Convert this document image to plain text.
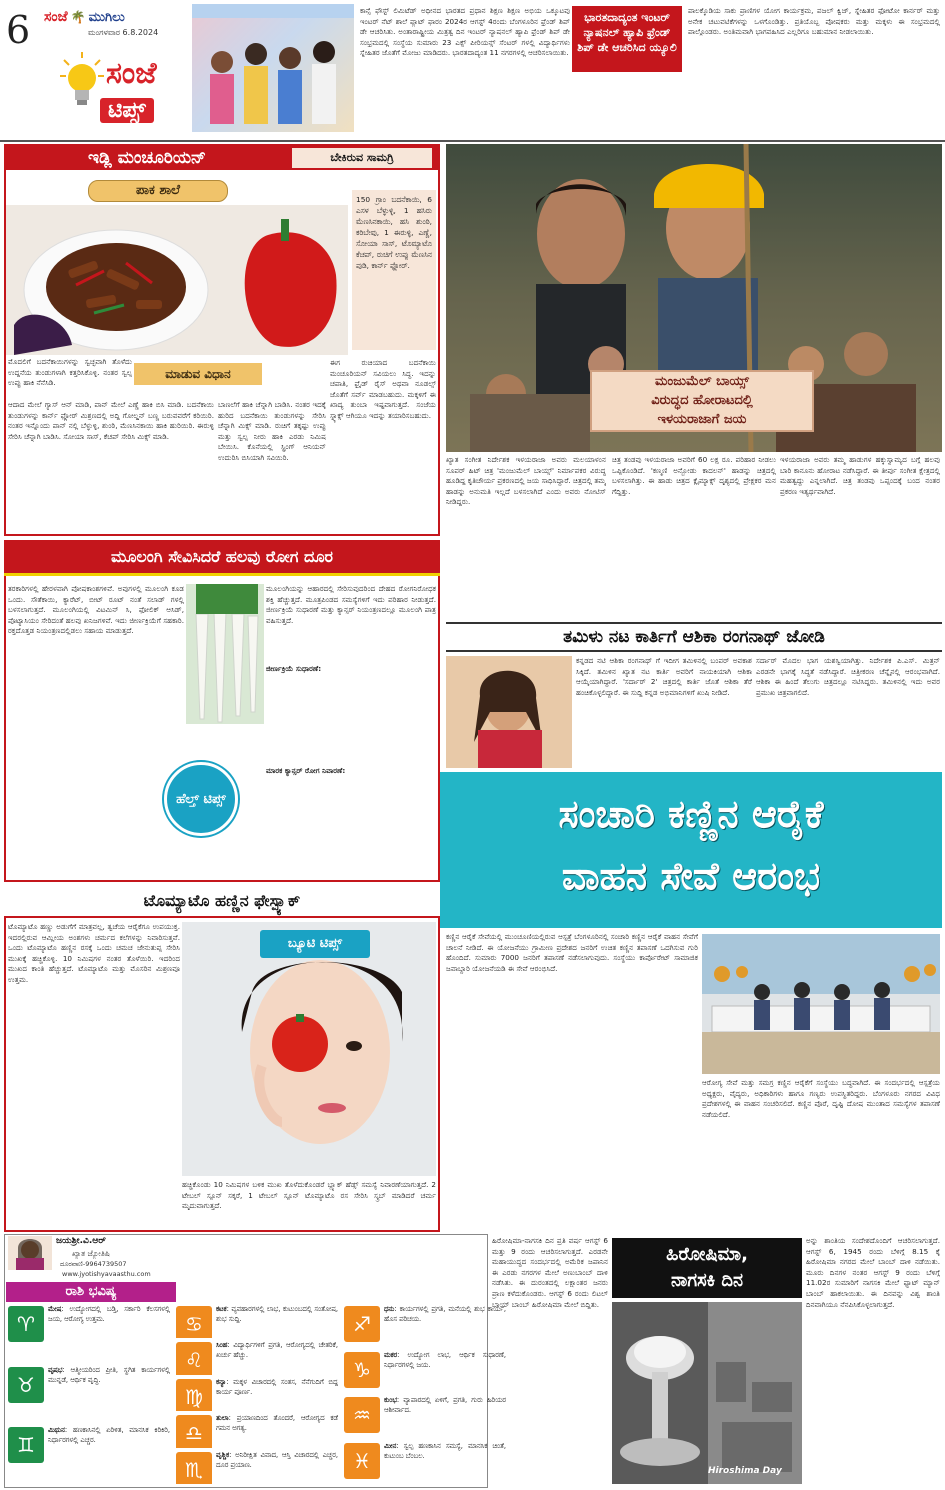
6 ಸಂಜೆ 🌴 ಮುಗಿಲು
ಮಂಗಳವಾರ 6.8.2024
ಸಂಜೆ
ಟಿಪ್ಸ್
ಕಾನ್ಸೆ ಫೌಸ್ಟ್ ಲಿಮಿಟೆಡ್ ಅಧೀನದ ಭಾರತದ ಪ್ರಧಾನ ಶಿಕ್ಷಣ ಶಿಕ್ಷಣ ಅಭಿಯ ಒಕ್ಕೂಟವು ಇಂಟರ್ ನೆಟ್ ಶಾಲೆ ಪ್ಲಾಟ್ ಫಾರಂ 2024ರ ಆಗಸ್ಟ್ 4ರಂದು ಬೆಂಗಳೂರಿನ ಫ್ರೆಂಡ್ ಶಿಪ್ ಡೇ ಆಚರಿಸಿತು. ಅಂತಾರಾಷ್ಟ್ರೀಯ ಮಿತ್ರತ್ವ ದಿನ ಇಂಟರ್ ನ್ಯಾಷನಲ್ ಹ್ಯಾಪಿ ಫ್ರೆಂಡ್ ಶಿಪ್ ಡೇ ಸಂಭ್ರಮದಲ್ಲಿ ಸಂಸ್ಥೆಯ ಸುಮಾರು 23 ಎಕ್ಸ್ ಪೀರಿಯನ್ಸ್ ಸೆಂಟರ್ ಗಳಲ್ಲಿ ವಿದ್ಯಾರ್ಥಿಗಳು ಸ್ನೇಹಿತರ ಜೊತೆಗೆ ಮೋಜು ಮಾಡಿದರು. ಭಾರತದಾದ್ಯಂತ 11 ನಗರಗಳಲ್ಲಿ ಆಚರಿಸಲಾಯಿತು.
ಭಾರತದಾದ್ಯಂತ ಇಂಟರ್ ನ್ಯಾಷನಲ್ ಹ್ಯಾಪಿ ಫ್ರೆಂಡ್ ಶಿಪ್ ಡೇ ಆಚರಿಸಿದ ಯ್ಯೂಲಿ
ಪಾಲಕ್ಕೊಡಿಯ ಸಾಕು ಪ್ರಾಣಿಗಳ ಯೋಗ ಕಾರ್ಯಕ್ರಮ, ಪಜಲ್ ಕ್ವಿಜ್, ಸ್ನೇಹಿತರ ಫೋಟೋ ಕಾರ್ನರ್ ಮತ್ತು ಅನೇಕ ಚಟುವಟಿಕೆಗಳನ್ನು ಒಳಗೊಂಡಿತ್ತು. ಪ್ರತಿಯೊಬ್ಬ ಪೋಷಕರು ಮತ್ತು ಮಕ್ಕಳು ಈ ಸಂಭ್ರಮದಲ್ಲಿ ಪಾಲ್ಗೊಂಡರು. ಅಂತಿಮವಾಗಿ ಭಾಗವಹಿಸಿದ ಎಲ್ಲರಿಗೂ ಬಹುಮಾನ ನೀಡಲಾಯಿತು.
ಇಡ್ಲಿ ಮಂಚೂರಿಯನ್	ಬೇಕಿರುವ ಸಾಮಗ್ರಿ
ಪಾಕ ಶಾಲೆ
150 ಗ್ರಾಂ ಬದನೆಕಾಯಿ, 6 ಎಸಳ ಬೆಳ್ಳುಳ್ಳಿ, 1 ಹಸಿರು ಮೆಣಸಿನಕಾಯಿ, ಹಸಿ ಶುಂಠಿ, ಕರಿಬೇವು, 1 ಈರುಳ್ಳಿ, ಎಣ್ಣೆ, ಸೋಯಾ ಸಾಸ್, ಟೊಮ್ಯಾಟೊ ಕೆಚಪ್, ರುಚಿಗೆ ಉಪ್ಪು ಮೆಣಸಿನ ಪುಡಿ, ಕಾರ್ನ್ ಫ್ಲೋರ್.
ಮಾಡುವ ವಿಧಾನ
ಮೊದಲಿಗೆ ಬದನೆಕಾಯಿಗಳನ್ನು ಸ್ವಚ್ಛವಾಗಿ ತೊಳೆದು ಉದ್ದನೆಯ ತುಂಡುಗಳಾಗಿ ಕತ್ತರಿಸಿಕೊಳ್ಳಿ. ನಂತರ ಸ್ವಲ್ಪ ಉಪ್ಪು ಹಾಕಿ ನೆನೆಸಿಡಿ.
ಆದಾದ ಮೇಲೆ ಗ್ಯಾಸ್ ಆನ್ ಮಾಡಿ, ಪಾನ್ ಮೇಲೆ ಎಣ್ಣೆ ಹಾಕಿ ಬಿಸಿ ಮಾಡಿ. ಬದನೆಕಾಯಿ ತುಂಡುಗಳನ್ನು ಕಾರ್ನ್ ಫ್ಲೋರ್ ಮಿಶ್ರಣದಲ್ಲಿ ಅದ್ದಿ ಗೋಲ್ಡನ್ ಬಣ್ಣ ಬರುವವರೆಗೆ ಕರಿಯಿರಿ. ನಂತರ ಇನ್ನೊಂದು ಪಾನ್ ನಲ್ಲಿ ಬೆಳ್ಳುಳ್ಳಿ, ಶುಂಠಿ, ಮೆಣಸಿನಕಾಯಿ ಹಾಕಿ ಹುರಿಯಿರಿ. ಈರುಳ್ಳಿ ಸೇರಿಸಿ ಚೆನ್ನಾಗಿ ಬಾಡಿಸಿ. ಸೋಯಾ ಸಾಸ್, ಕೆಚಪ್ ಸೇರಿಸಿ ಮಿಕ್ಸ್ ಮಾಡಿ.
ಬಾಣಲೆಗೆ ಹಾಕಿ ಚೆನ್ನಾಗಿ ಬಾಡಿಸಿ. ನಂತರ ಇದಕ್ಕೆ ಹುರಿದ ಬದನೆಕಾಯಿ ತುಂಡುಗಳನ್ನು ಸೇರಿಸಿ ಚೆನ್ನಾಗಿ ಮಿಕ್ಸ್ ಮಾಡಿ. ರುಚಿಗೆ ತಕ್ಕಷ್ಟು ಉಪ್ಪು ಮತ್ತು ಸ್ವಲ್ಪ ನೀರು ಹಾಕಿ ಎರಡು ನಿಮಿಷ ಬೇಯಿಸಿ. ಕೊನೆಯಲ್ಲಿ ಸ್ಪ್ರಿಂಗ್ ಆನಿಯನ್ ಉದುರಿಸಿ ಬಿಸಿಯಾಗಿ ಸವಿಯಿರಿ.
ಈಗ ರುಚಿಯಾದ ಬದನೆಕಾಯಿ ಮಂಚೂರಿಯನ್ ಸವಿಯಲು ಸಿದ್ಧ. ಇದನ್ನು ಚಪಾತಿ, ಫ್ರೈಡ್ ರೈಸ್ ಅಥವಾ ನೂಡಲ್ಸ್ ಜೊತೆಗೆ ಸರ್ವ್ ಮಾಡಬಹುದು. ಮಕ್ಕಳಿಗೆ ಈ ಖಾದ್ಯ ತುಂಬಾ ಇಷ್ಟವಾಗುತ್ತದೆ. ಸಂಜೆಯ ಸ್ನ್ಯಾಕ್ಸ್ ಆಗಿಯೂ ಇದನ್ನು ತಯಾರಿಸಬಹುದು.
ಮಂಜುಮೆಲ್ ಬಾಯ್ಸ್
ವಿರುದ್ಧದ ಹೋರಾಟದಲ್ಲಿ
ಇಳಯರಾಜಾಗೆ ಜಯ
ಖ್ಯಾತ ಸಂಗೀತ ನಿರ್ದೇಶಕ ಇಳಯರಾಜಾ ಅವರು ಮಲಯಾಳಂನ ಸೂಪರ್ ಹಿಟ್ ಚಿತ್ರ 'ಮಂಜುಮೆಲ್ ಬಾಯ್ಸ್' ನಿರ್ಮಾಪಕರ ವಿರುದ್ಧ ಹೂಡಿದ್ದ ಕೃತಿಚೌರ್ಯ ಪ್ರಕರಣದಲ್ಲಿ ಜಯ ಸಾಧಿಸಿದ್ದಾರೆ. ಚಿತ್ರದಲ್ಲಿ ತಮ್ಮ ಹಾಡನ್ನು ಅನುಮತಿ ಇಲ್ಲದೆ ಬಳಸಲಾಗಿದೆ ಎಂದು ಅವರು ನೋಟಿಸ್ ನೀಡಿದ್ದರು.
ಚಿತ್ರ ತಂಡವು ಇಳಯರಾಜಾ ಅವರಿಗೆ 60 ಲಕ್ಷ ರೂ. ಪರಿಹಾರ ನೀಡಲು ಒಪ್ಪಿಕೊಂಡಿದೆ. 'ಕಣ್ಮಣಿ ಅನ್ಬೋಡು ಕಾದಲನ್' ಹಾಡನ್ನು ಚಿತ್ರದಲ್ಲಿ ಬಳಸಲಾಗಿತ್ತು. ಈ ಹಾಡು ಚಿತ್ರದ ಕ್ಲೈಮ್ಯಾಕ್ಸ್ ದೃಶ್ಯದಲ್ಲಿ ಪ್ರೇಕ್ಷಕರ ಮನ ಗೆದ್ದಿತ್ತು.
ಇಳಯರಾಜಾ ಅವರು ತಮ್ಮ ಹಾಡುಗಳ ಹಕ್ಕುಸ್ವಾಮ್ಯದ ಬಗ್ಗೆ ಹಲವು ಬಾರಿ ಕಾನೂನು ಹೋರಾಟ ನಡೆಸಿದ್ದಾರೆ. ಈ ತೀರ್ಪು ಸಂಗೀತ ಕ್ಷೇತ್ರದಲ್ಲಿ ಮಹತ್ವದ್ದು ಎನ್ನಲಾಗಿದೆ. ಚಿತ್ರ ತಂಡವು ಒಪ್ಪಂದಕ್ಕೆ ಬಂದ ನಂತರ ಪ್ರಕರಣ ಇತ್ಯರ್ಥವಾಗಿದೆ.
ಮೂಲಂಗಿ ಸೇವಿಸಿದರೆ ಹಲವು ರೋಗ ದೂರ
ತರಕಾರಿಗಳಲ್ಲಿ ಹೇರಳವಾಗಿ ಪೋಷಕಾಂಶಗಳಿವೆ. ಅವುಗಳಲ್ಲಿ ಮೂಲಂಗಿ ಕೂಡ ಒಂದು. ಸೌತೆಕಾಯಿ, ಕ್ಯಾರೆಟ್, ಬೀಟ್ ರೂಟ್ ನಂತೆ ಸಲಾಡ್ ಗಳಲ್ಲಿ ಬಳಸಲಾಗುತ್ತದೆ. ಮೂಲಂಗಿಯಲ್ಲಿ ವಿಟಮಿನ್ ಸಿ, ಫೋಲಿಕ್ ಆಸಿಡ್, ಪೊಟ್ಯಾಸಿಯಂ ಸೇರಿದಂತೆ ಹಲವು ಖನಿಜಗಳಿವೆ. ಇದು ಜೀರ್ಣಕ್ರಿಯೆಗೆ ಸಹಕಾರಿ. ರಕ್ತದೊತ್ತಡ ನಿಯಂತ್ರಣದಲ್ಲಿಡಲು ಸಹಾಯ ಮಾಡುತ್ತದೆ.
ಮೂಲಂಗಿಯನ್ನು ಆಹಾರದಲ್ಲಿ ಸೇರಿಸುವುದರಿಂದ ದೇಹದ ರೋಗನಿರೋಧಕ ಶಕ್ತಿ ಹೆಚ್ಚುತ್ತದೆ. ಮೂತ್ರಪಿಂಡದ ಸಮಸ್ಯೆಗಳಿಗೆ ಇದು ಪರಿಹಾರ ನೀಡುತ್ತದೆ. ಜೀರ್ಣಕ್ರಿಯೆ ಸುಧಾರಣೆ ಮತ್ತು ಕ್ಯಾನ್ಸರ್ ನಿಯಂತ್ರಣದಲ್ಲೂ ಮೂಲಂಗಿ ಪಾತ್ರ ವಹಿಸುತ್ತದೆ.
ಜೀರ್ಣಕ್ರಿಯೆ ಸುಧಾರಣೆ:
ಮಾರಕ ಕ್ಯಾನ್ಸರ್ ರೋಗ ನಿವಾರಣೆ:
ಹೆಲ್ತ್ ಟಿಪ್ಸ್
ತಮಿಳು ನಟ ಕಾರ್ತಿಗೆ ಆಶಿಕಾ ರಂಗನಾಥ್ ಜೋಡಿ
ಕನ್ನಡದ ನಟಿ ಆಶಿಕಾ ರಂಗನಾಥ್ ಗೆ ಇದೀಗ ತಮಿಳಿನಲ್ಲಿ ಬಂಪರ್ ಅವಕಾಶ ಸಿಕ್ಕಿದೆ. ತಮಿಳಿನ ಖ್ಯಾತ ನಟ ಕಾರ್ತಿ ಅವರಿಗೆ ನಾಯಕಿಯಾಗಿ ಆಶಿಕಾ ಆಯ್ಕೆಯಾಗಿದ್ದಾರೆ. 'ಸರ್ದಾರ್ 2' ಚಿತ್ರದಲ್ಲಿ ಕಾರ್ತಿ ಜೊತೆ ಆಶಿಕಾ ತೆರೆ ಹಂಚಿಕೊಳ್ಳಲಿದ್ದಾರೆ. ಈ ಸುದ್ದಿ ಕನ್ನಡ ಅಭಿಮಾನಿಗಳಿಗೆ ಖುಷಿ ನೀಡಿದೆ.
ಸರ್ದಾರ್ ಮೊದಲ ಭಾಗ ಯಶಸ್ವಿಯಾಗಿತ್ತು. ನಿರ್ದೇಶಕ ಪಿ.ಎಸ್. ಮಿತ್ರನ್ ಎರಡನೇ ಭಾಗಕ್ಕೆ ಸಿದ್ಧತೆ ನಡೆಸಿದ್ದಾರೆ. ಚಿತ್ರೀಕರಣ ಚೆನ್ನೈನಲ್ಲಿ ಆರಂಭವಾಗಿದೆ. ಆಶಿಕಾ ಈ ಹಿಂದೆ ತೆಲುಗು ಚಿತ್ರದಲ್ಲೂ ನಟಿಸಿದ್ದರು. ತಮಿಳಿನಲ್ಲಿ ಇದು ಅವರ ಪ್ರಮುಖ ಚಿತ್ರವಾಗಲಿದೆ.
ಸಂಚಾರಿ ಕಣ್ಣಿನ ಆರೈಕೆ
ವಾಹನ ಸೇವೆ ಆರಂಭ
ಕಣ್ಣಿನ ಆರೈಕೆ ಸೇವೆಯಲ್ಲಿ ಮುಂಚೂಣಿಯಲ್ಲಿರುವ ಆಸ್ಪತ್ರೆ ಬೆಂಗಳೂರಿನಲ್ಲಿ ಸಂಚಾರಿ ಕಣ್ಣಿನ ಆರೈಕೆ ವಾಹನ ಸೇವೆಗೆ ಚಾಲನೆ ನೀಡಿದೆ. ಈ ಯೋಜನೆಯು ಗ್ರಾಮೀಣ ಪ್ರದೇಶದ ಜನರಿಗೆ ಉಚಿತ ಕಣ್ಣಿನ ತಪಾಸಣೆ ಒದಗಿಸುವ ಗುರಿ ಹೊಂದಿದೆ. ಸುಮಾರು 7000 ಜನರಿಗೆ ತಪಾಸಣೆ ನಡೆಸಲಾಗುವುದು. ಸಂಸ್ಥೆಯು ಕಾರ್ಪೊರೇಟ್ ಸಾಮಾಜಿಕ ಜವಾಬ್ದಾರಿ ಯೋಜನೆಯಡಿ ಈ ಸೇವೆ ಆರಂಭಿಸಿದೆ.
ಆರೋಗ್ಯ ಸೇವೆ ಮತ್ತು ಸಮಗ್ರ ಕಣ್ಣಿನ ಆರೈಕೆಗೆ ಸಂಸ್ಥೆಯು ಬದ್ಧವಾಗಿದೆ. ಈ ಸಂದರ್ಭದಲ್ಲಿ ಆಸ್ಪತ್ರೆಯ ಅಧ್ಯಕ್ಷರು, ವೈದ್ಯರು, ಅಧಿಕಾರಿಗಳು ಹಾಗೂ ಗಣ್ಯರು ಉಪಸ್ಥಿತರಿದ್ದರು. ಬೆಂಗಳೂರು ನಗರದ ವಿವಿಧ ಪ್ರದೇಶಗಳಲ್ಲಿ ಈ ವಾಹನ ಸಂಚರಿಸಲಿದೆ. ಕಣ್ಣಿನ ಪೊರೆ, ದೃಷ್ಟಿ ದೋಷ ಮುಂತಾದ ಸಮಸ್ಯೆಗಳ ತಪಾಸಣೆ ನಡೆಯಲಿದೆ.
ಟೊಮ್ಯಾಟೊ ಹಣ್ಣಿನ ಫೇಸ್ಪ್ಯಾಕ್
ಟೊಮ್ಯಾಟೊ ಹಣ್ಣು ಅಡುಗೆಗೆ ಮಾತ್ರವಲ್ಲ, ತ್ವಚೆಯ ಆರೈಕೆಗೂ ಉಪಯುಕ್ತ. ಇದರಲ್ಲಿರುವ ಆಮ್ಲೀಯ ಅಂಶಗಳು ಚರ್ಮದ ಕಲೆಗಳನ್ನು ನಿವಾರಿಸುತ್ತವೆ. ಒಂದು ಟೊಮ್ಯಾಟೊ ಹಣ್ಣಿನ ರಸಕ್ಕೆ ಒಂದು ಚಮಚ ಜೇನುತುಪ್ಪ ಸೇರಿಸಿ ಮುಖಕ್ಕೆ ಹಚ್ಚಿಕೊಳ್ಳಿ. 10 ನಿಮಿಷಗಳ ನಂತರ ತೊಳೆಯಿರಿ. ಇದರಿಂದ ಮುಖದ ಕಾಂತಿ ಹೆಚ್ಚುತ್ತದೆ. ಟೊಮ್ಯಾಟೊ ಮತ್ತು ಮೊಸರಿನ ಮಿಶ್ರಣವೂ ಉತ್ತಮ.
ಬ್ಯೂಟಿ ಟಿಪ್ಸ್
ಹಚ್ಚಿಕೊಂಡು 10 ನಿಮಿಷಗಳ ಬಳಿಕ ಮುಖ ತೊಳೆದುಕೊಂಡರೆ ಬ್ಲ್ಯಾಕ್ ಹೆಡ್ಸ್ ಸಮಸ್ಯೆ ನಿವಾರಣೆಯಾಗುತ್ತದೆ. 2 ಟೇಬಲ್ ಸ್ಪೂನ್ ಸಕ್ಕರೆ, 1 ಟೇಬಲ್ ಸ್ಪೂನ್ ಟೊಮ್ಯಾಟೊ ರಸ ಸೇರಿಸಿ ಸ್ಕ್ರಬ್ ಮಾಡಿದರೆ ಚರ್ಮ ಮೃದುವಾಗುತ್ತದೆ.
ಜಯಶ್ರೀ.ವಿ.ಆರ್
ಖ್ಯಾತ ಜ್ಯೋತಿಷಿ
ದೂರವಾಣಿ-9964739507
www.jyotishyavaasthu.com
ರಾಶಿ ಭವಿಷ್ಯ
♈
ಮೇಷ: ಉದ್ಯೋಗದಲ್ಲಿ ಬಡ್ತಿ, ಸರ್ಕಾರಿ ಕೆಲಸಗಳಲ್ಲಿ ಜಯ, ಆರೋಗ್ಯ ಉತ್ತಮ.
♉
ವೃಷಭ: ಆತ್ಮೀಯರಿಂದ ಪ್ರೀತಿ, ಸ್ಥಗಿತ ಕಾರ್ಯಗಳಲ್ಲಿ ಮುನ್ನಡೆ, ಆರ್ಥಿಕ ವೃದ್ಧಿ.
♊
ಮಿಥುನ: ಹಣಕಾಸಿನಲ್ಲಿ ಏರಿಳಿತ, ಮಾನಸಿಕ ಕಿರಿಕಿರಿ, ನಿರ್ಧಾರಗಳಲ್ಲಿ ಎಚ್ಚರ.
♋
ಕಟಕ: ವ್ಯವಹಾರಗಳಲ್ಲಿ ಲಾಭ, ಕುಟುಂಬದಲ್ಲಿ ಸಂತೋಷ, ಶುಭ ಸುದ್ದಿ.
♌
ಸಿಂಹ: ವಿದ್ಯಾರ್ಥಿಗಳಿಗೆ ಪ್ರಗತಿ, ಆರೋಗ್ಯದಲ್ಲಿ ಚೇತರಿಕೆ, ಖರ್ಚು ಹೆಚ್ಚು.
♍
ಕನ್ಯಾ: ಮಕ್ಕಳ ವಿಚಾರದಲ್ಲಿ ಸಂತಸ, ನೆನೆಗುದಿಗೆ ಬಿದ್ದ ಕಾರ್ಯ ಪೂರ್ಣ.
♎
ತುಲಾ: ಪ್ರಯಾಣದಿಂದ ತೊಂದರೆ, ಆರೋಗ್ಯದ ಕಡೆ ಗಮನ ಅಗತ್ಯ.
♏
ವೃಶ್ಚಿಕ: ಅನಿರೀಕ್ಷಿತ ವಿವಾದ, ಆಸ್ತಿ ವಿಚಾರದಲ್ಲಿ ಎಚ್ಚರ, ದೂರ ಪ್ರಯಾಣ.
♐
ಧನು: ಕಾರ್ಯಗಳಲ್ಲಿ ಪ್ರಗತಿ, ಮನೆಯಲ್ಲಿ ಶುಭ ಕಾರ್ಯ, ಹೊಸ ಪರಿಚಯ.
♑
ಮಕರ: ಉದ್ಯೋಗ ಲಾಭ, ಆರ್ಥಿಕ ಸುಧಾರಣೆ, ನಿರ್ಧಾರಗಳಲ್ಲಿ ಜಯ.
♒
ಕುಂಭ: ವ್ಯಾಪಾರದಲ್ಲಿ ಏಳಿಗೆ, ಪ್ರಗತಿ, ಗುರು ಹಿರಿಯರ ಆಶೀರ್ವಾದ.
♓
ಮೀನ: ಸ್ವಲ್ಪ ಹಣಕಾಸಿನ ಸಮಸ್ಯೆ, ಮಾನಸಿಕ ಚಿಂತೆ, ಕುಟುಂಬ ಬೆಂಬಲ.
ಹಿರೋಷಿಮಾ-ನಾಗಸಕಿ ದಿನ ಪ್ರತಿ ವರ್ಷ ಆಗಸ್ಟ್ 6 ಮತ್ತು 9 ರಂದು ಆಚರಿಸಲಾಗುತ್ತದೆ. ಎರಡನೇ ಮಹಾಯುದ್ಧದ ಸಂದರ್ಭದಲ್ಲಿ ಅಮೆರಿಕ ಜಪಾನಿನ ಈ ಎರಡು ನಗರಗಳ ಮೇಲೆ ಅಣುಬಾಂಬ್ ದಾಳಿ ನಡೆಸಿತು. ಈ ದುರಂತದಲ್ಲಿ ಲಕ್ಷಾಂತರ ಜನರು ಪ್ರಾಣ ಕಳೆದುಕೊಂಡರು. ಆಗಸ್ಟ್ 6 ರಂದು ಲಿಟಲ್ ಬಾಯ್ ಬಾಂಬ್ ಹಿರೋಷಿಮಾ ಮೇಲೆ ಬಿದ್ದಿತು.
ಹಿರೋಷಿಮಾ,
ನಾಗಸಕಿ ದಿನ
Hiroshima Day
ಅನ್ನು ಶಾಂತಿಯ ಸಂದೇಶದೊಂದಿಗೆ ಆಚರಿಸಲಾಗುತ್ತದೆ. ಆಗಸ್ಟ್ 6, 1945 ರಂದು ಬೆಳಿಗ್ಗೆ 8.15 ಕ್ಕೆ ಹಿರೋಷಿಮಾ ನಗರದ ಮೇಲೆ ಬಾಂಬ್ ದಾಳಿ ನಡೆಯಿತು. ಮೂರು ದಿನಗಳ ನಂತರ ಆಗಸ್ಟ್ 9 ರಂದು ಬೆಳಿಗ್ಗೆ 11.02ರ ಸುಮಾರಿಗೆ ನಾಗಸಕಿ ಮೇಲೆ ಫ್ಯಾಟ್ ಮ್ಯಾನ್ ಬಾಂಬ್ ಹಾಕಲಾಯಿತು. ಈ ದಿನವನ್ನು ವಿಶ್ವ ಶಾಂತಿ ದಿನವಾಗಿಯೂ ನೆನಪಿಸಿಕೊಳ್ಳಲಾಗುತ್ತದೆ.
